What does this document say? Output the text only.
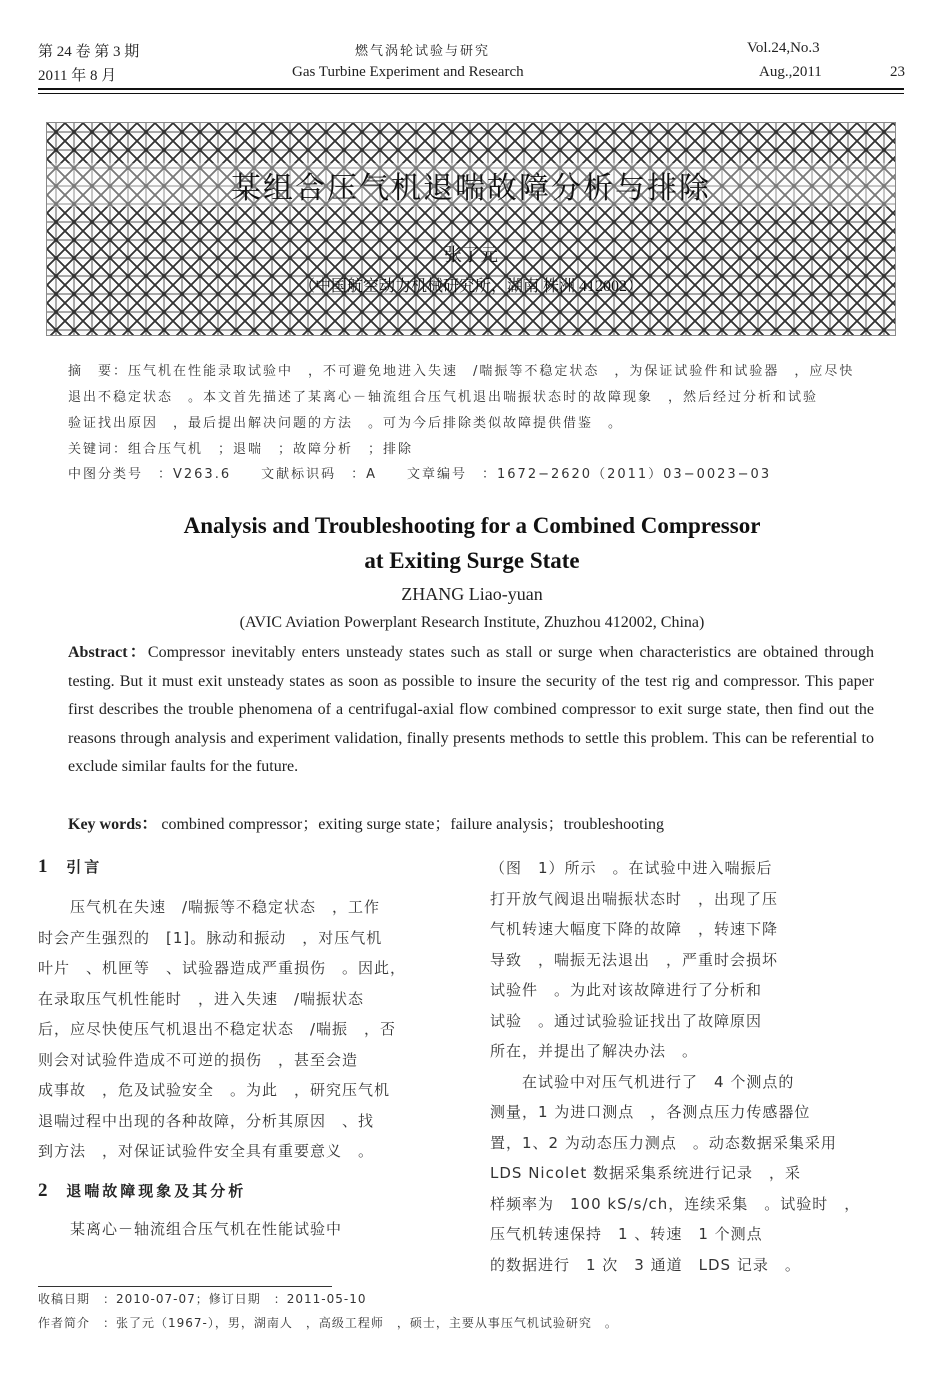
第 24 卷 第 3 期	燃气涡轮试验与研究	Vol.24,No.3
2011 年 8 月	Gas Turbine Experiment and Research	Aug.,2011	23
某组合压气机退喘故障分析与排除
张了元
（中国航空动力机械研究所，湖南 株洲 412002）
摘　要：压气机在性能录取试验中　，不可避免地进入失速　/喘振等不稳定状态　，为保证试验件和试验器　，应尽快
退出不稳定状态　。本文首先描述了某离心－轴流组合压气机退出喘振状态时的故障现象　，然后经过分析和试验
验证找出原因　，最后提出解决问题的方法　。可为今后排除类似故障提供借鉴　。
关键词：组合压气机　；退喘　；故障分析　；排除
中图分类号　：V263.6　　文献标识码　：A　　文章编号　：1672−2620（2011）03−0023−03
Analysis and Troubleshooting for a Combined Compressor
at Exiting Surge State
ZHANG Liao-yuan
(AVIC Aviation Powerplant Research Institute, Zhuzhou 412002, China)
Abstract：Compressor inevitably enters unsteady states such as stall or surge when characteristics are obtained through testing. But it must exit unsteady states as soon as possible to insure the security of the test rig and compressor. This paper first describes the trouble phenomena of a centrifugal-axial flow combined compressor to exit surge state, then find out the reasons through analysis and experiment validation, finally presents methods to settle this problem. This can be referential to exclude similar faults for the future.
Key words： combined compressor；exiting surge state；failure analysis；troubleshooting
1 引言
　　压气机在失速　/喘振等不稳定状态　，工作
时会产生强烈的　[1]。脉动和振动　，对压气机
叶片　、机匣等　、试验器造成严重损伤　。因此，
在录取压气机性能时　，进入失速　/喘振状态
后，应尽快使压气机退出不稳定状态　/喘振　，否
则会对试验件造成不可逆的损伤　，甚至会造
成事故　，危及试验安全　。为此　，研究压气机
退喘过程中出现的各种故障，分析其原因　、找
到方法　，对保证试验件安全具有重要意义　。
2 退喘故障现象及其分析
　　某离心－轴流组合压气机在性能试验中
（图　1）所示　。在试验中进入喘振后
打开放气阀退出喘振状态时　，出现了压
气机转速大幅度下降的故障　，转速下降
导致　，喘振无法退出　，严重时会损坏
试验件　。为此对该故障进行了分析和
试验　。通过试验验证找出了故障原因
所在，并提出了解决办法　。
　　在试验中对压气机进行了　4 个测点的
测量，1 为进口测点　，各测点压力传感器位
置，1、2 为动态压力测点　。动态数据采集采用
LDS Nicolet 数据采集系统进行记录　，采
样频率为　100 kS/s/ch，连续采集　。试验时　，
压气机转速保持　1 、转速　1 个测点
的数据进行　1 次　3 通道　LDS 记录　。
收稿日期　：2010-07-07；修订日期　：2011-05-10
作者简介　：张了元（1967-），男，湖南人　，高级工程师　，硕士，主要从事压气机试验研究　。
